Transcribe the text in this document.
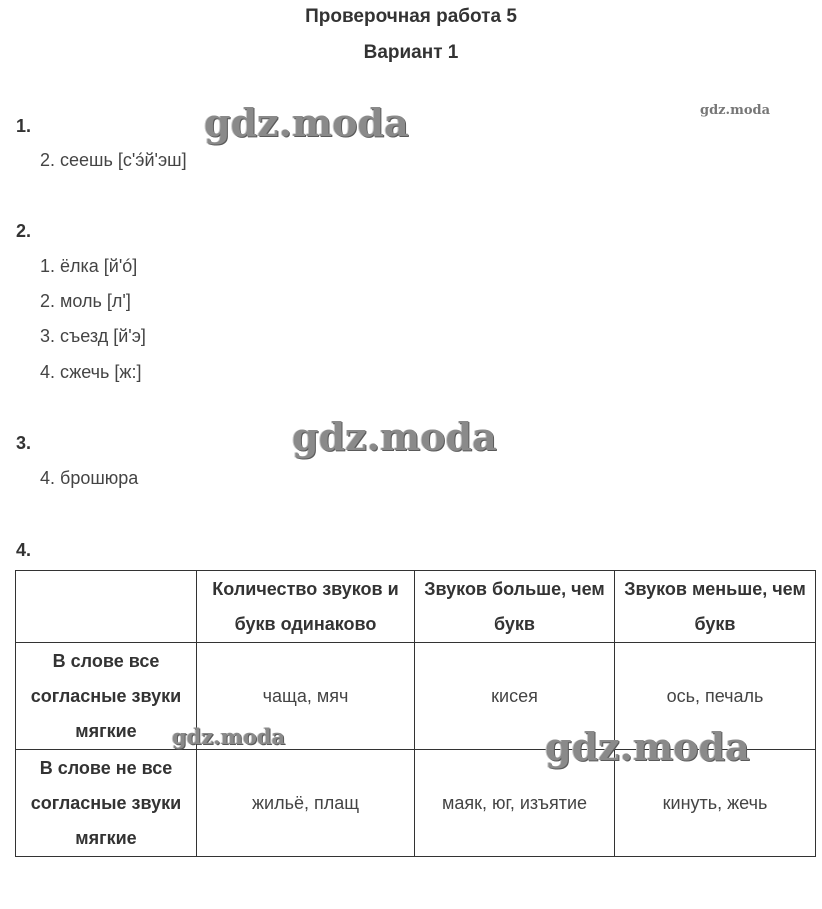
Проверочная работа 5
Вариант 1
1.
2. сеешь [с'э́й'эш]
2.
1. ёлка [й'ó]
2. моль [л']
3. съезд [й'э]
4. сжечь [ж:]
3.
4. брошюра
4.
	Количество звуков и букв одинаково	Звуков больше, чем букв	Звуков меньше, чем букв
В слове все согласные звуки мягкие	чаща, мяч	кисея	ось, печаль
В слове не все согласные звуки мягкие	жильё, плащ	маяк, юг, изъятие	кинуть, жечь
gdz.moda	gdz.moda
gdz.moda
gdz.moda	gdz.moda
